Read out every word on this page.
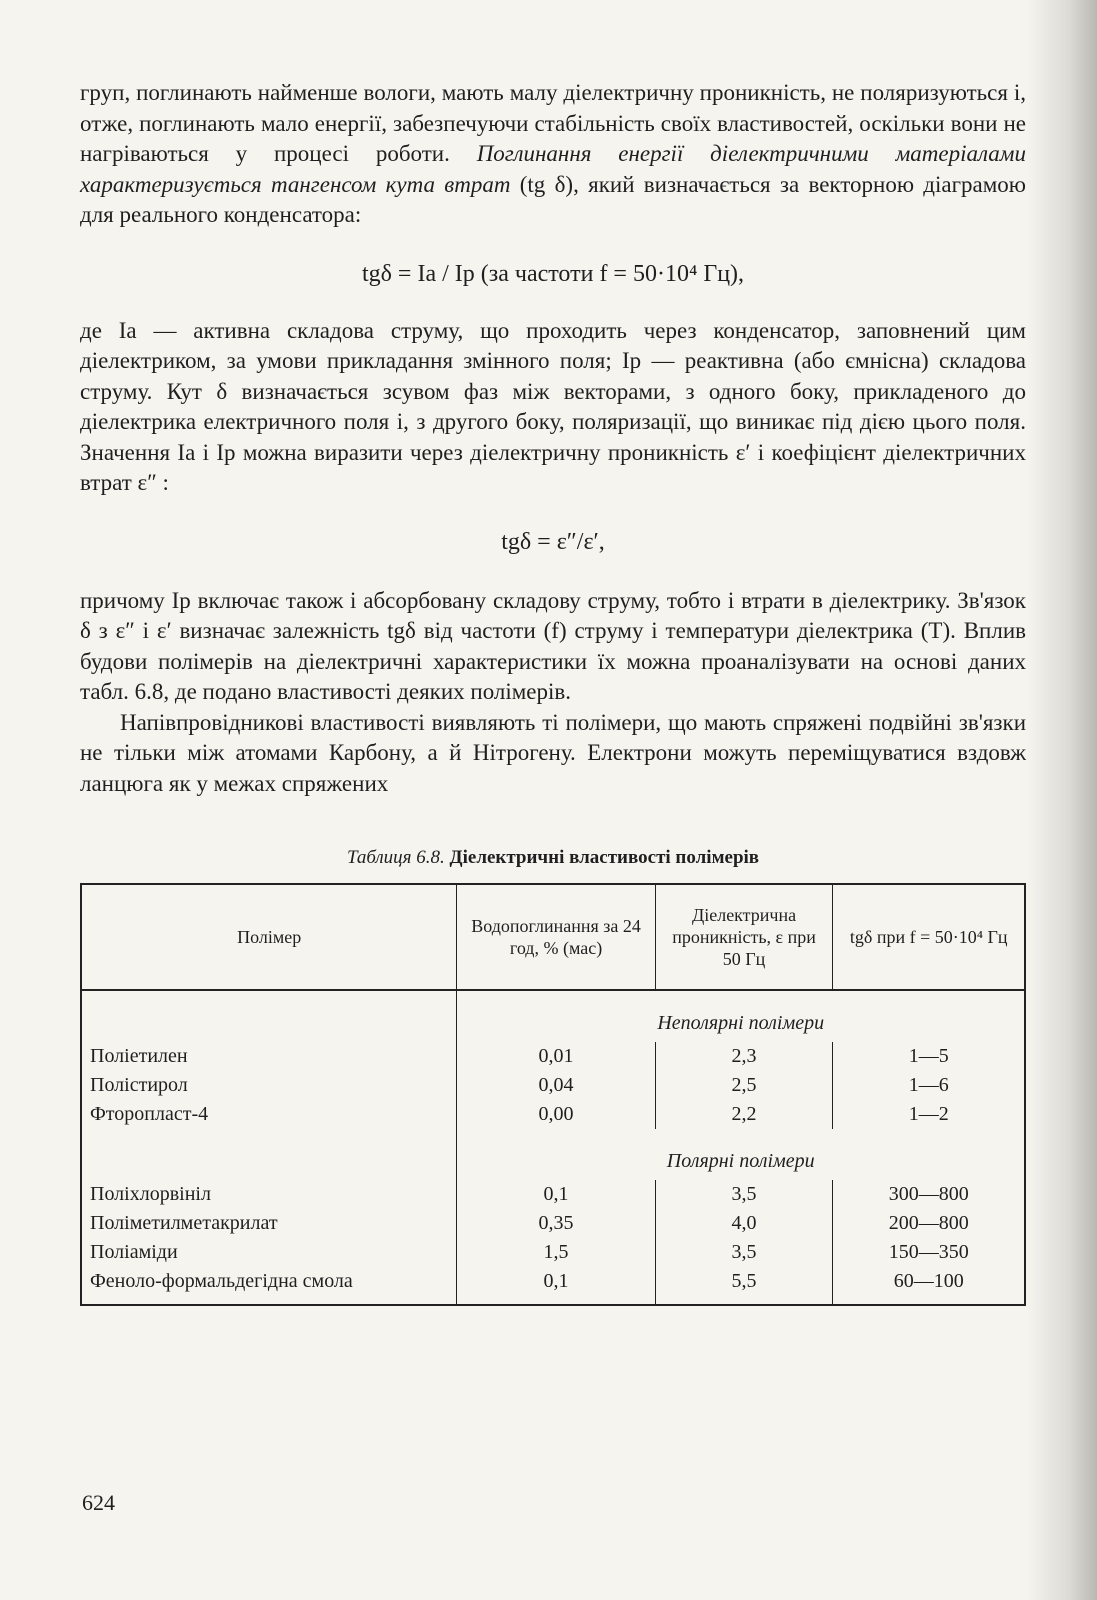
груп, поглинають найменше вологи, мають малу діелектричну проникність, не поляризуються і, отже, поглинають мало енергії, забезпечуючи стабільність своїх властивостей, оскільки вони не нагріваються у процесі роботи. Поглинання енергії діелектричними матеріалами характеризується тангенсом кута втрат (tg δ), який визначається за векторною діаграмою для реального конденсатора:

tgδ = Iа / Iр (за частоти f = 50·10⁴ Гц),

де Iа — активна складова струму, що проходить через конденсатор, заповнений цим діелектриком, за умови прикладання змінного поля; Iр — реактивна (або ємнісна) складова струму. Кут δ визначається зсувом фаз між векторами, з одного боку, прикладеного до діелектрика електричного поля і, з другого боку, поляризації, що виникає під дією цього поля. Значення Iа і Iр можна виразити через діелектричну проникність ε′ і коефіцієнт діелектричних втрат ε″ :

tgδ = ε″/ε′,

причому Iр включає також і абсорбовану складову струму, тобто і втрати в діелектрику. Зв'язок δ з ε″ і ε′ визначає залежність tgδ від частоти (f) струму і температури діелектрика (T). Вплив будови полімерів на діелектричні характеристики їх можна проаналізувати на основі даних табл. 6.8, де подано властивості деяких полімерів.

Напівпровідникові властивості виявляють ті полімери, що мають спряжені подвійні зв'язки не тільки між атомами Карбону, а й Нітрогену. Електрони можуть переміщуватися вздовж ланцюга як у межах спряжених

Таблиця 6.8. Діелектричні властивості полімерів
Полімер	Водопоглинання за 24 год, % (мас)	Діелектрична проникність, ε при 50 Гц	tgδ при f = 50·10⁴ Гц
	Неполярні полімери		
Поліетилен	0,01	2,3	1—5
Полістирол	0,04	2,5	1—6
Фторопласт-4	0,00	2,2	1—2
	Полярні полімери		
Поліхлорвініл	0,1	3,5	300—800
Поліметилметакрилат	0,35	4,0	200—800
Поліаміди	1,5	3,5	150—350
Феноло-формальдегідна смола	0,1	5,5	60—100
624
